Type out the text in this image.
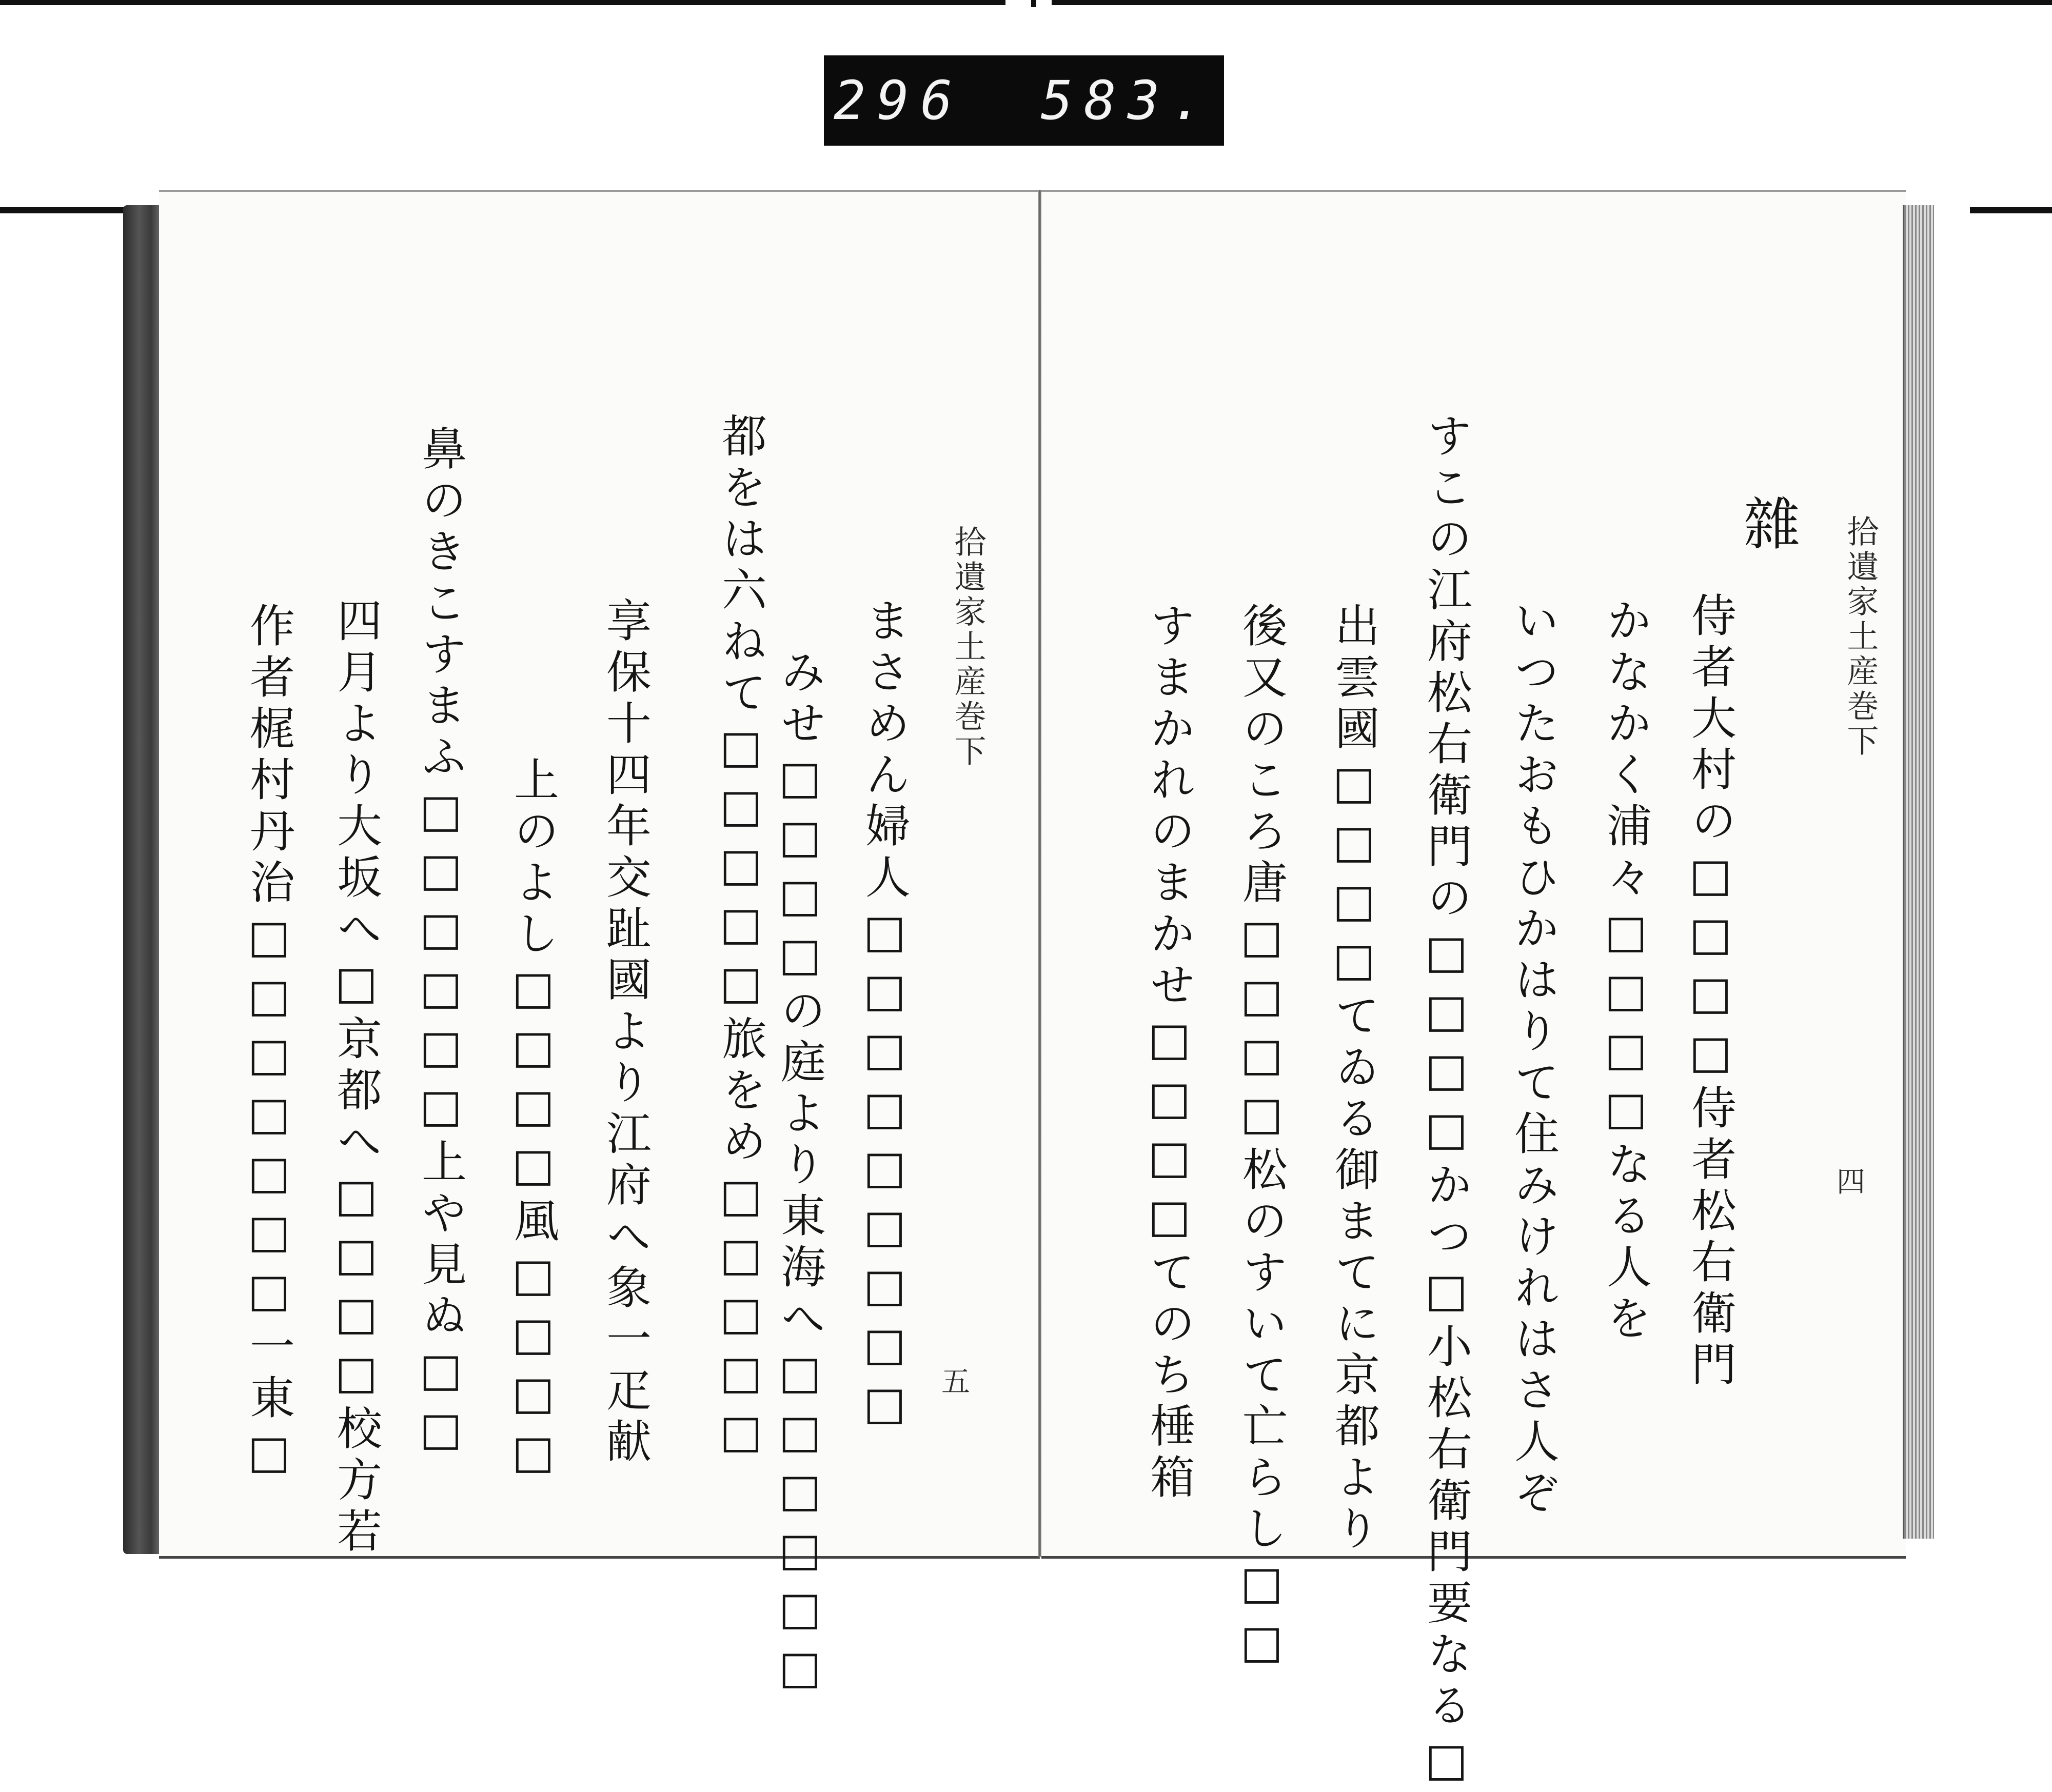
296 583.
拾遺家土産巻下
五
まさめん婦人□□□□□□□□□
みせ□□□□の庭より東海へ□□□□□□
都をは六ねて□□□□□旅をめ□□□□□
享保十四年交趾國より江府へ象一疋献
上のよし□□□□風□□□□
鼻のきこすまふ□□□□□□上や見ぬ□□
四月より大坂へ□京都へ□□□□校方若
作者梶村丹治□□□□□□□一東□	拾遺家土産巻下
四
雜
侍者大村の□□□□侍者松右衛門
かなかく浦々□□□□なる人を
いつたおもひかはりて住みけれはさ人ぞ
すこの江府松右衛門の□□□□かつ□小松右衛門要なる□
出雲國□□□□てゐる御まてに京都より
後又のころ唐□□□□松のすいて亡らし□□
すまかれのまかせ□□□□てのち棰箱
